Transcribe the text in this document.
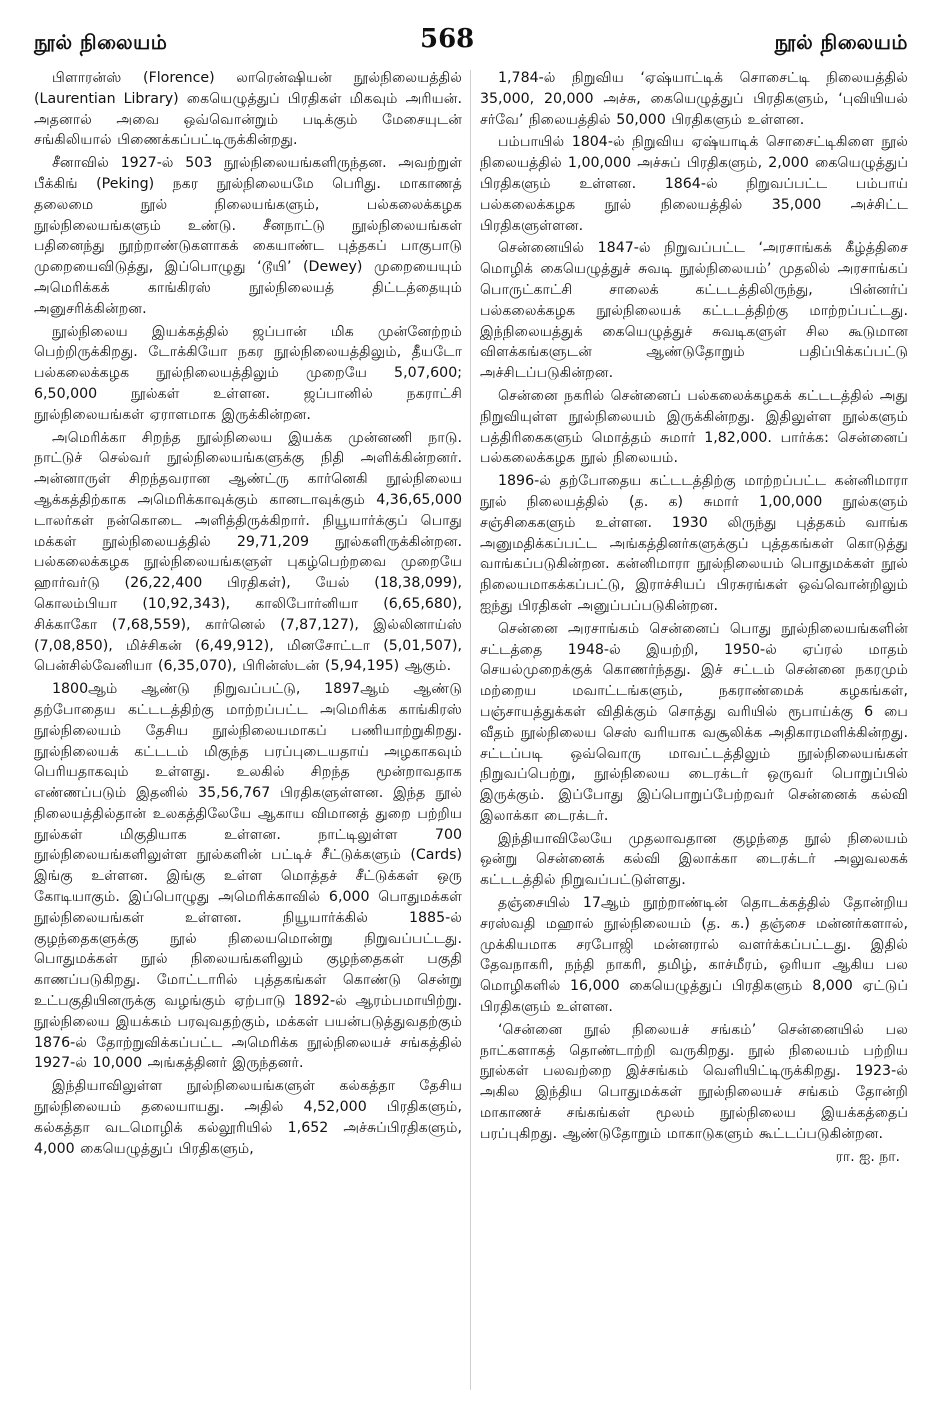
நூல் நிலையம்	568	நூல் நிலையம்

பிளாரன்ஸ் (Florence) லாரென்ஷியன் நூல்நிலையத்தில் (Laurentian Library) கையெழுத்துப் பிரதிகள் மிகவும் அரியன். அதனால் அவை ஒவ்வொன்றும் படிக்கும் மேசையுடன் சங்கிலியால் பிணைக்கப்பட்டிருக்கின்றது.

சீனாவில் 1927-ல் 503 நூல்நிலையங்களிருந்தன. அவற்றுள் பீக்கிங் (Peking) நகர நூல்நிலையமே பெரிது. மாகாணத் தலைமை நூல் நிலையங்களும், பல்கலைக்கழக நூல்நிலையங்களும் உண்டு. சீனநாட்டு நூல்நிலையங்கள் பதினைந்து நூற்றாண்டுகளாகக் கையாண்ட புத்தகப் பாகுபாடு முறையைவிடுத்து, இப்பொழுது ‘டூயி’ (Dewey) முறையையும் அமெரிக்கக் காங்கிரஸ் நூல்நிலையத் திட்டத்தையும் அனுசரிக்கின்றன.

நூல்நிலைய இயக்கத்தில் ஜப்பான் மிக முன்னேற்றம் பெற்றிருக்கிறது. டோக்கியோ நகர நூல்நிலையத்திலும், தீயடோ பல்கலைக்கழக நூல்நிலையத்திலும் முறையே 5,07,600; 6,50,000 நூல்கள் உள்ளன. ஜப்பானில் நகராட்சி நூல்நிலையங்கள் ஏராளமாக இருக்கின்றன.

அமெரிக்கா சிறந்த நூல்நிலைய இயக்க முன்னணி நாடு. நாட்டுச் செல்வர் நூல்நிலையங்களுக்கு நிதி அளிக்கின்றனர். அன்னாருள் சிறந்தவரான ஆண்ட்ரு கார்னெகி நூல்நிலைய ஆக்கத்திற்காக அமெரிக்காவுக்கும் கானடாவுக்கும் 4,36,65,000 டாலர்கள் நன்கொடை அளித்திருக்கிறார். நியூயார்க்குப் பொது மக்கள் நூல்நிலையத்தில் 29,71,209 நூல்களிருக்கின்றன. பல்கலைக்கழக நூல்நிலையங்களுள் புகழ்பெற்றவை முறையே ஹார்வர்டு (26,22,400 பிரதிகள்), யேல் (18,38,099), கொலம்பியா (10,92,343), காலிபோர்னியா (6,65,680), சிக்காகோ (7,68,559), கார்னெல் (7,87,127), இல்லினாய்ஸ் (7,08,850), மிச்சிகன் (6,49,912), மினசோட்டா (5,01,507), பென்சில்வேனியா (6,35,070), பிரின்ஸ்டன் (5,94,195) ஆகும்.

1800ஆம் ஆண்டு நிறுவப்பட்டு, 1897ஆம் ஆண்டு தற்போதைய கட்டடத்திற்கு மாற்றப்பட்ட அமெரிக்க காங்கிரஸ் நூல்நிலையம் தேசிய நூல்நிலையமாகப் பணியாற்றுகிறது. நூல்நிலையக் கட்டடம் மிகுந்த பரப்புடையதாய் அழகாகவும் பெரியதாகவும் உள்ளது. உலகில் சிறந்த மூன்றாவதாக எண்ணப்படும் இதனில் 35,56,767 பிரதிகளுள்ளன. இந்த நூல் நிலையத்தில்தான் உலகத்திலேயே ஆகாய விமானத் துறை பற்றிய நூல்கள் மிகுதியாக உள்ளன. நாட்டிலுள்ள 700 நூல்நிலையங்களிலுள்ள நூல்களின் பட்டிச் சீட்டுக்களும் (Cards) இங்கு உள்ளன. இங்கு உள்ள மொத்தச் சீட்டுக்கள் ஒரு கோடியாகும். இப்பொழுது அமெரிக்காவில் 6,000 பொதுமக்கள் நூல்நிலையங்கள் உள்ளன. நியூயார்க்கில் 1885-ல் குழந்தைகளுக்கு நூல் நிலையமொன்று நிறுவப்பட்டது. பொதுமக்கள் நூல் நிலையங்களிலும் குழந்தைகள் பகுதி காணப்படுகிறது. மோட்டாரில் புத்தகங்கள் கொண்டு சென்று உட்பகுதியினருக்கு வழங்கும் ஏற்பாடு 1892-ல் ஆரம்பமாயிற்று. நூல்நிலைய இயக்கம் பரவுவதற்கும், மக்கள் பயன்படுத்துவதற்கும் 1876-ல் தோற்றுவிக்கப்பட்ட அமெரிக்க நூல்நிலையச் சங்கத்தில் 1927-ல் 10,000 அங்கத்தினர் இருந்தனர்.

இந்தியாவிலுள்ள நூல்நிலையங்களுள் கல்கத்தா தேசிய நூல்நிலையம் தலையாயது. அதில் 4,52,000 பிரதிகளும், கல்கத்தா வடமொழிக் கல்லூரியில் 1,652 அச்சுப்பிரதிகளும், 4,000 கையெழுத்துப் பிரதிகளும்,

1,784-ல் நிறுவிய ‘ஏஷ்யாட்டிக் சொசைட்டி நிலையத்தில் 35,000, 20,000 அச்சு, கையெழுத்துப் பிரதிகளும், ‘புவியியல் சர்வே’ நிலையத்தில் 50,000 பிரதிகளும் உள்ளன.

பம்பாயில் 1804-ல் நிறுவிய ஏஷ்யாடிக் சொசைட்டிகிளை நூல் நிலையத்தில் 1,00,000 அச்சுப் பிரதிகளும், 2,000 கையெழுத்துப் பிரதிகளும் உள்ளன. 1864-ல் நிறுவப்பட்ட பம்பாய் பல்கலைக்கழக நூல் நிலையத்தில் 35,000 அச்சிட்ட பிரதிகளுள்ளன.

சென்னையில் 1847-ல் நிறுவப்பட்ட ‘அரசாங்கக் கீழ்த்திசை மொழிக் கையெழுத்துச் சுவடி நூல்நிலையம்’ முதலில் அரசாங்கப் பொருட்காட்சி சாலைக் கட்டடத்திலிருந்து, பின்னர்ப் பல்கலைக்கழக நூல்நிலையக் கட்டடத்திற்கு மாற்றப்பட்டது. இந்நிலையத்துக் கையெழுத்துச் சுவடிகளுள் சில கூடுமான விளக்கங்களுடன் ஆண்டுதோறும் பதிப்பிக்கப்பட்டு அச்சிடப்படுகின்றன.

சென்னை நகரில் சென்னைப் பல்கலைக்கழகக் கட்டடத்தில் அது நிறுவியுள்ள நூல்நிலையம் இருக்கின்றது. இதிலுள்ள நூல்களும் பத்திரிகைகளும் மொத்தம் சுமார் 1,82,000. பார்க்க: சென்னைப் பல்கலைக்கழக நூல் நிலையம்.

1896-ல் தற்போதைய கட்டடத்திற்கு மாற்றப்பட்ட கன்னிமாரா நூல் நிலையத்தில் (த. க) சுமார் 1,00,000 நூல்களும் சஞ்சிகைகளும் உள்ளன. 1930 லிருந்து புத்தகம் வாங்க அனுமதிக்கப்பட்ட அங்கத்தினர்களுக்குப் புத்தகங்கள் கொடுத்து வாங்கப்படுகின்றன. கன்னிமாரா நூல்நிலையம் பொதுமக்கள் நூல் நிலையமாகக்கப்பட்டு, இராச்சியப் பிரசுரங்கள் ஒவ்வொன்றிலும் ஐந்து பிரதிகள் அனுப்பப்படுகின்றன.

சென்னை அரசாங்கம் சென்னைப் பொது நூல்நிலையங்களின் சட்டத்தை 1948-ல் இயற்றி, 1950-ல் ஏப்ரல் மாதம் செயல்முறைக்குக் கொணர்ந்தது. இச் சட்டம் சென்னை நகரமும் மற்றைய மவாட்டங்களும், நகராண்மைக் கழகங்கள், பஞ்சாயத்துக்கள் விதிக்கும் சொத்து வரியில் ரூபாய்க்கு 6 பை வீதம் நூல்நிலைய செஸ் வரியாக வசூலிக்க அதிகாரமளிக்கின்றது. சட்டப்படி ஒவ்வொரு மாவட்டத்திலும் நூல்நிலையங்கள் நிறுவப்பெற்று, நூல்நிலைய டைரக்டர் ஒருவர் பொறுப்பில் இருக்கும். இப்போது இப்பொறுப்பேற்றவர் சென்னைக் கல்வி இலாக்கா டைரக்டர்.

இந்தியாவிலேயே முதலாவதான குழந்தை நூல் நிலையம் ஒன்று சென்னைக் கல்வி இலாக்கா டைரக்டர் அலுவலகக் கட்டடத்தில் நிறுவப்பட்டுள்ளது.

தஞ்சையில் 17ஆம் நூற்றாண்டின் தொடக்கத்தில் தோன்றிய சரஸ்வதி மஹால் நூல்நிலையம் (த. க.) தஞ்சை மன்னர்களால், முக்கியமாக சரபோஜி மன்னரால் வளர்க்கப்பட்டது. இதில் தேவநாகரி, நந்தி நாகரி, தமிழ், காச்மீரம், ஒரியா ஆகிய பல மொழிகளில் 16,000 கையெழுத்துப் பிரதிகளும் 8,000 ஏட்டுப் பிரதிகளும் உள்ளன.

‘சென்னை நூல் நிலையச் சங்கம்’ சென்னையில் பல நாட்களாகத் தொண்டாற்றி வருகிறது. நூல் நிலையம் பற்றிய நூல்கள் பலவற்றை இச்சங்கம் வெளியிட்டிருக்கிறது. 1923-ல் அகில இந்திய பொதுமக்கள் நூல்நிலையச் சங்கம் தோன்றி மாகாணச் சங்கங்கள் மூலம் நூல்நிலைய இயக்கத்தைப் பரப்புகிறது. ஆண்டுதோறும் மாகாடுகளும் கூட்டப்படுகின்றன.

ரா. ஐ. நா.
